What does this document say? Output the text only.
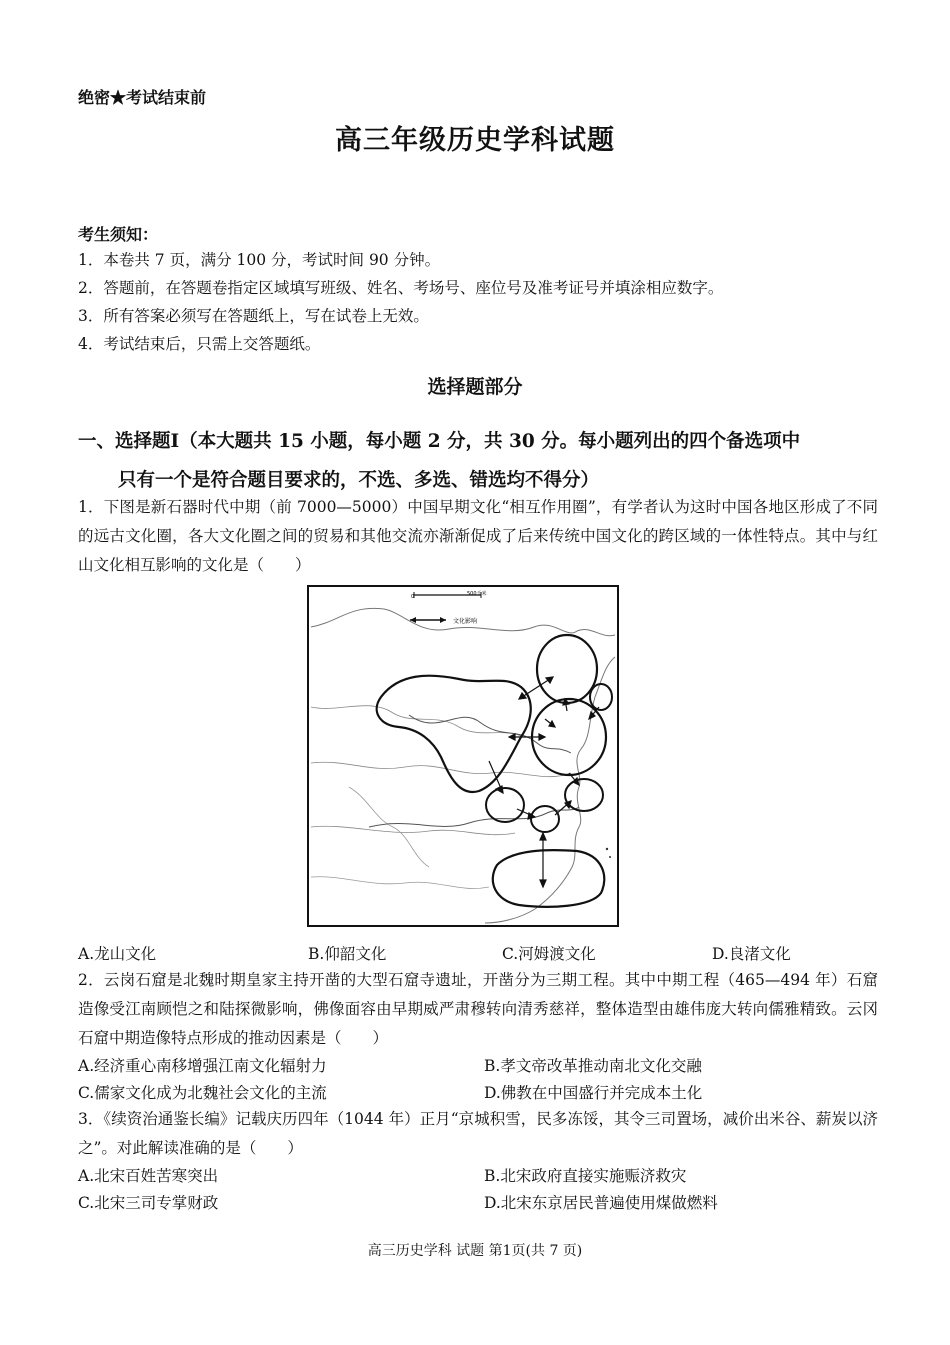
绝密★考试结束前
高三年级历史学科试题
考生须知：
1．本卷共 7 页，满分 100 分，考试时间 90 分钟。
2．答题前，在答题卷指定区域填写班级、姓名、考场号、座位号及准考证号并填涂相应数字。
3．所有答案必须写在答题纸上，写在试卷上无效。
4．考试结束后，只需上交答题纸。
选择题部分
一、选择题Ⅰ（本大题共 15 小题，每小题 2 分，共 30 分。每小题列出的四个备选项中
只有一个是符合题目要求的，不选、多选、错选均不得分）
1．下图是新石器时代中期（前 7000—5000）中国早期文化“相互作用圈”，有学者认为这时中国各地区形成了不同的远古文化圈，各大文化圈之间的贸易和其他交流亦渐渐促成了后来传统中国文化的跨区域的一体性特点。其中与红山文化相互影响的文化是（　　）
0	500千米
文化影响
A.龙山文化	B.仰韶文化	C.河姆渡文化	D.良渚文化
2．云岗石窟是北魏时期皇家主持开凿的大型石窟寺遗址，开凿分为三期工程。其中中期工程（465—494 年）石窟造像受江南顾恺之和陆探微影响，佛像面容由早期威严肃穆转向清秀慈祥，整体造型由雄伟庞大转向儒雅精致。云冈石窟中期造像特点形成的推动因素是（　　）
A.经济重心南移增强江南文化辐射力	B.孝文帝改革推动南北文化交融
C.儒家文化成为北魏社会文化的主流	D.佛教在中国盛行并完成本土化
3．《续资治通鉴长编》记载庆历四年（1044 年）正月“京城积雪，民多冻馁，其令三司置场，减价出米谷、薪炭以济之”。对此解读准确的是（　　）
A.北宋百姓苦寒突出	B.北宋政府直接实施赈济救灾
C.北宋三司专掌财政	D.北宋东京居民普遍使用煤做燃料
高三历史学科 试题 第1页(共 7 页)
